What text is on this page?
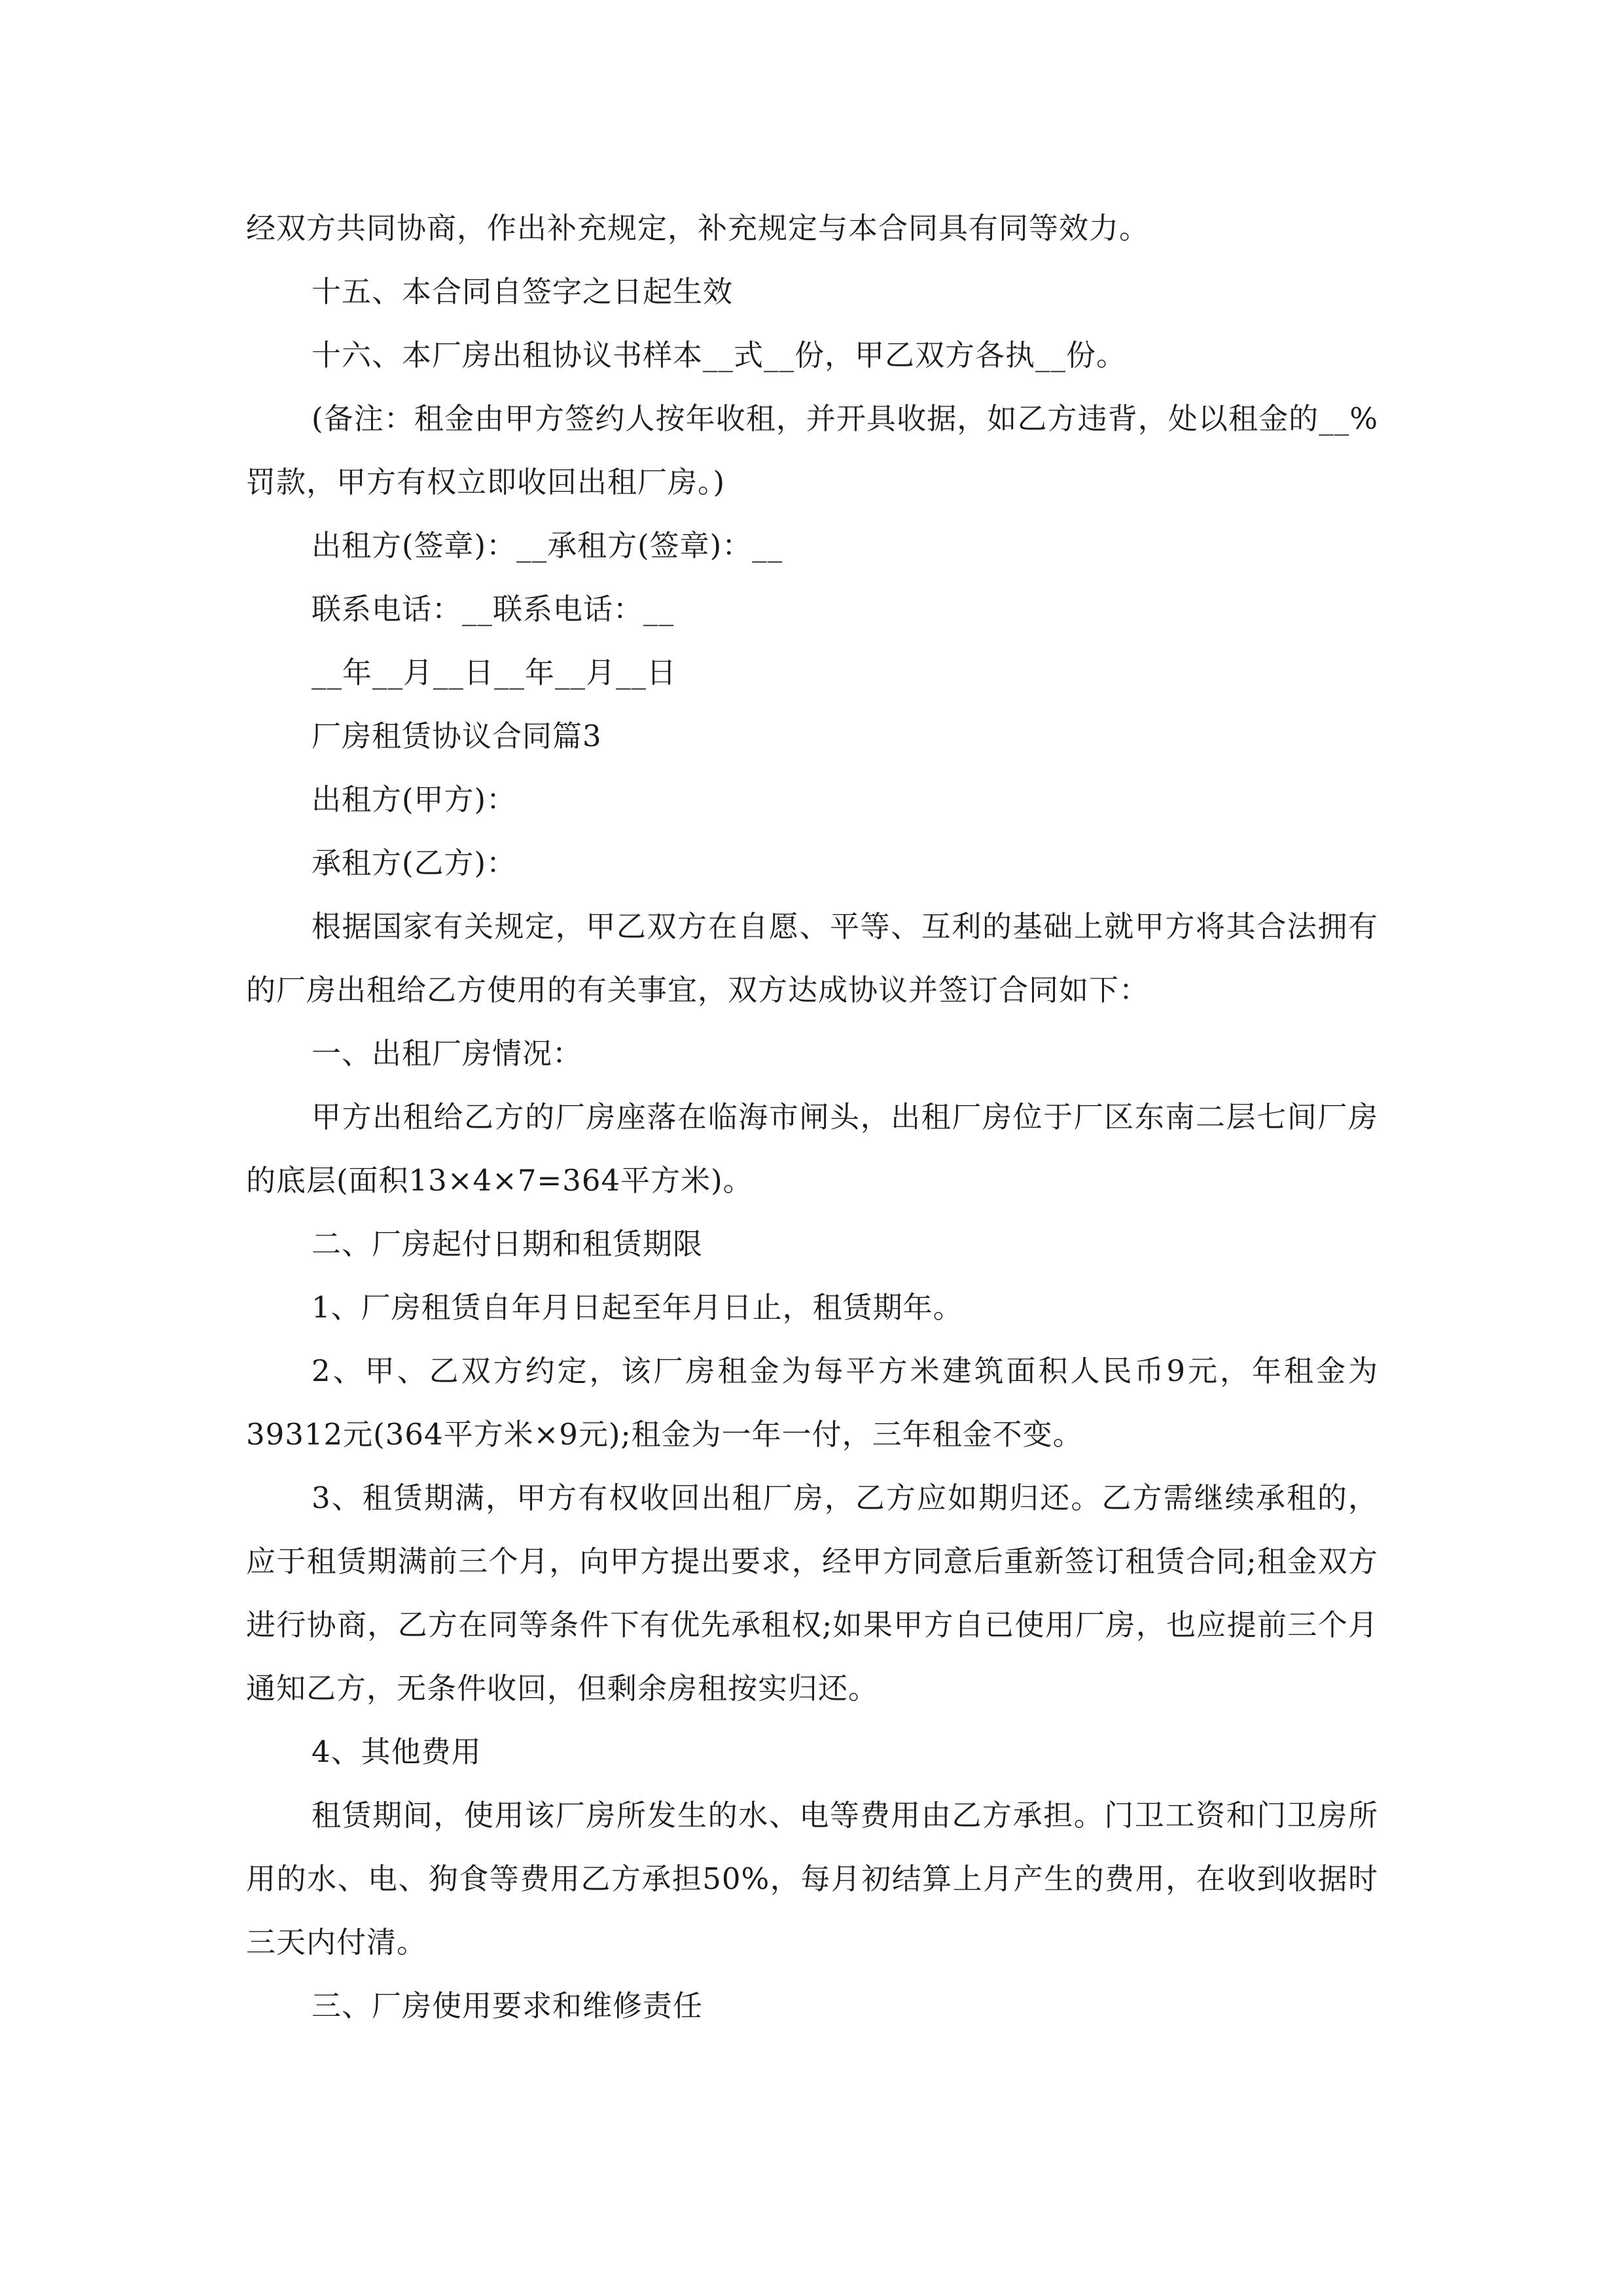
经双方共同协商，作出补充规定，补充规定与本合同具有同等效力。

十五、本合同自签字之日起生效

十六、本厂房出租协议书样本__式__份，甲乙双方各执__份。

(备注：租金由甲方签约人按年收租，并开具收据，如乙方违背，处以租金的__%罚款，甲方有权立即收回出租厂房。)

出租方(签章)：__承租方(签章)：__

联系电话：__联系电话：__

__年__月__日__年__月__日

厂房租赁协议合同篇3

出租方(甲方)：

承租方(乙方)：

根据国家有关规定，甲乙双方在自愿、平等、互利的基础上就甲方将其合法拥有的厂房出租给乙方使用的有关事宜，双方达成协议并签订合同如下：

一、出租厂房情况：

甲方出租给乙方的厂房座落在临海市闸头，出租厂房位于厂区东南二层七间厂房的底层(面积13×4×7=364平方米)。

二、厂房起付日期和租赁期限

1、厂房租赁自年月日起至年月日止，租赁期年。

2、甲、乙双方约定，该厂房租金为每平方米建筑面积人民币9元，年租金为39312元(364平方米×9元);租金为一年一付，三年租金不变。

3、租赁期满，甲方有权收回出租厂房，乙方应如期归还。乙方需继续承租的，应于租赁期满前三个月，向甲方提出要求，经甲方同意后重新签订租赁合同;租金双方进行协商，乙方在同等条件下有优先承租权;如果甲方自已使用厂房，也应提前三个月通知乙方，无条件收回，但剩余房租按实归还。

4、其他费用

租赁期间，使用该厂房所发生的水、电等费用由乙方承担。门卫工资和门卫房所用的水、电、狗食等费用乙方承担50%，每月初结算上月产生的费用，在收到收据时三天内付清。

三、厂房使用要求和维修责任
